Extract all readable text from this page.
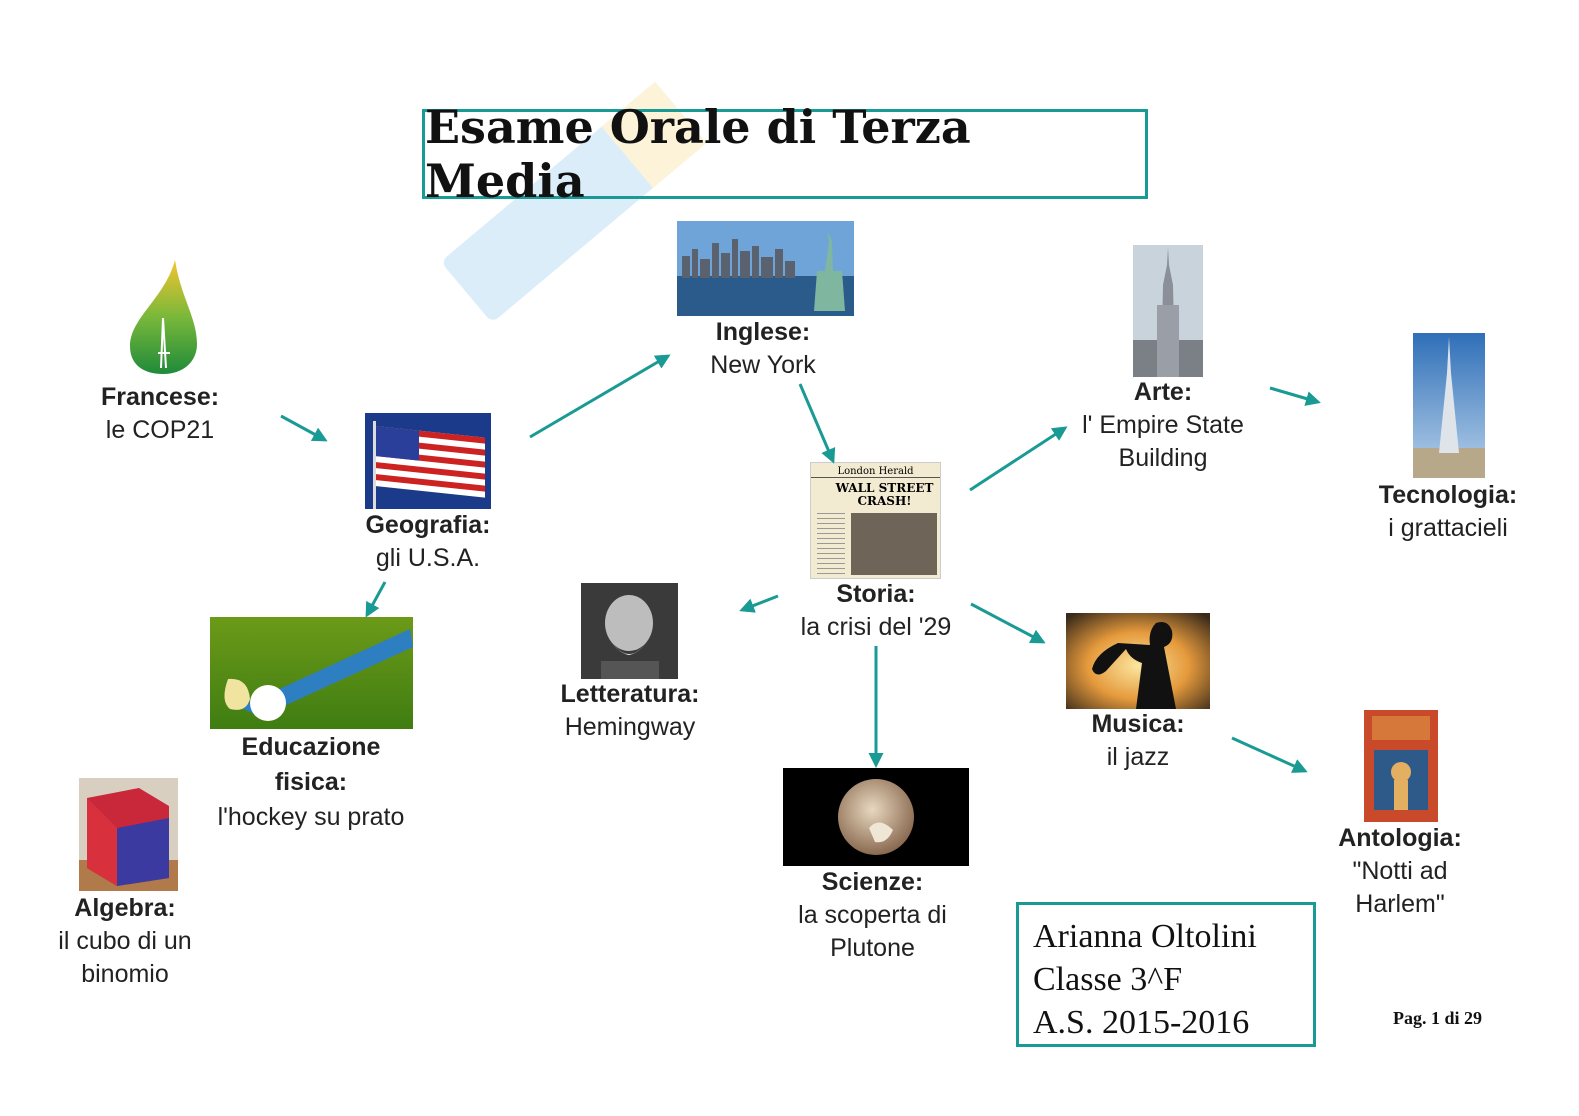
Esame Orale di Terza Media
London Herald
WALL STREET CRASH!
Francese:
le COP21
Geografia:
gli U.S.A.
Inglese:
New York
Storia:
la crisi del '29
Arte:
l' Empire State Building
Tecnologia:
i grattacieli
Educazione fisica:
l'hockey su prato
Letteratura:
Hemingway	Musica:
il jazz
Scienze:
la scoperta di Plutone
Antologia:
"Notti ad Harlem"
Algebra:
il cubo di un binomio
Arianna Oltolini
Classe 3^F
A.S. 2015-2016	Pag. 1 di 29
